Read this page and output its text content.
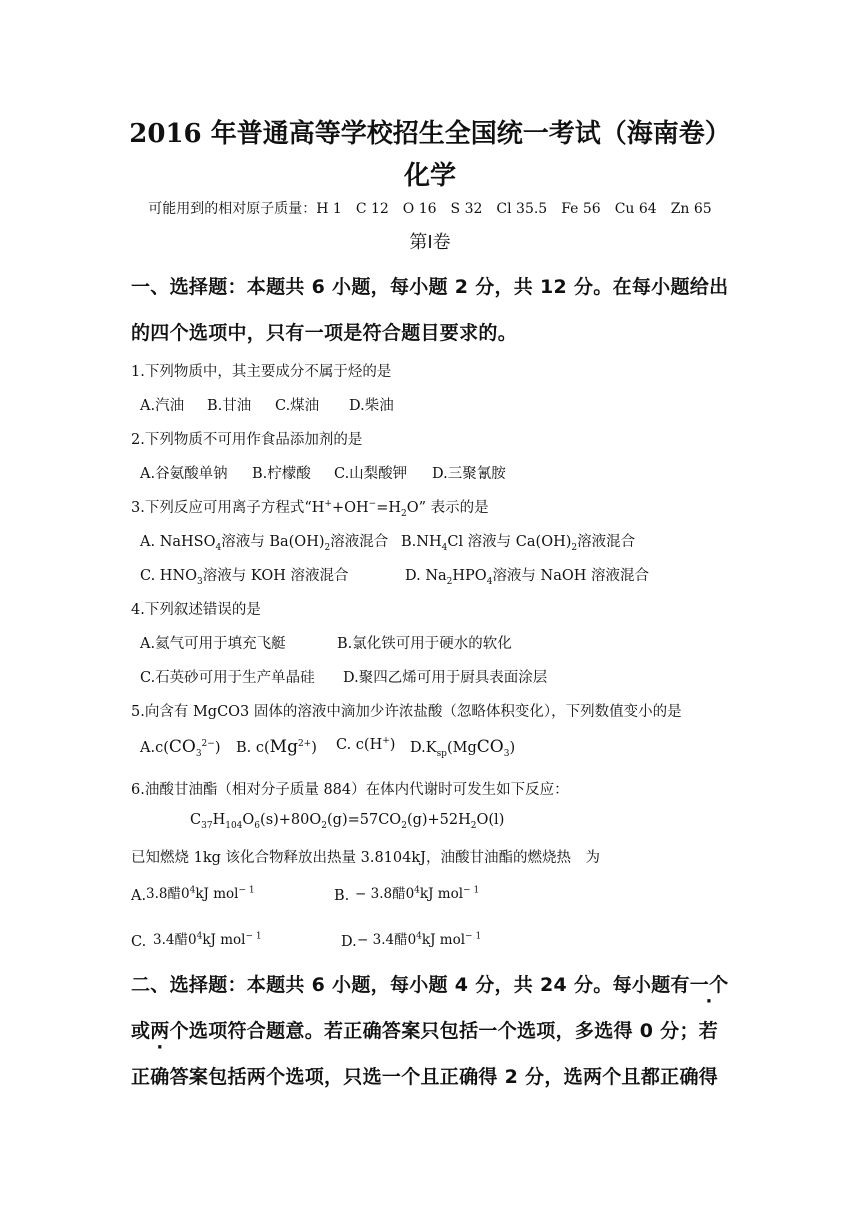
2016 年普通高等学校招生全国统一考试（海南卷）
化学
可能用到的相对原子质量：H 1　C 12　O 16　S 32　Cl 35.5　Fe 56　Cu 64　Zn 65
第Ⅰ卷
一、选择题：本题共 6 小题，每小题 2 分，共 12 分。在每小题给出
的四个选项中，只有一项是符合题目要求的。
1.下列物质中，其主要成分不属于烃的是
A.汽油 B.甘油 C.煤油 D.柴油
2.下列物质不可用作食品添加剂的是
A.谷氨酸单钠 B.柠檬酸 C.山梨酸钾 D.三聚氰胺
3.下列反应可用离子方程式“$H^++OH^-=H_2O$” 表示的是
A. NaHSO$_4$溶液与 $Ba(OH)_2$溶液混合 $B.NH_4Cl$ 溶液与 $Ca(OH)_2$溶液混合
C. $HNO_3$溶液与 KOH 溶液混合	D. $Na_2HPO_4$溶液与 NaOH 溶液混合
4.下列叙述错误的是
A.氦气可用于填充飞艇	B.氯化铁可用于硬水的软化
C.石英砂可用于生产单晶硅 D.聚四乙烯可用于厨具表面涂层
5.向含有 MgCO3 固体的溶液中滴加少许浓盐酸（忽略体积变化），下列数值变小的是
$A.c(CO_3^{2-})$ B. $c(Mg^{2+})$ C. c(H+) $D.K_{sp}(MgCO_3)$
6.油酸甘油酯（相对分子质量 884）在体内代谢时可发生如下反应：
$C_{37}H_{104}O_6(s)+80O_2(g)=57CO_2(g)+52H_2O(l)$
已知燃烧 1kg 该化合物释放出热量 3.8104kJ，油酸甘油酯的燃烧热　为
A. 3.8醋$0^4kJ$ mol$^{- 1}$	B. − 3.8醋$0^4kJ$ mol$^{- 1}$
C. 3.4醋$0^4kJ$ mol$^{- 1}$	D. − 3.4醋$0^4kJ$ mol$^{- 1}$
二、选择题：本题共 6 小题，每小题 4 分，共 24 分。每小题有一个
或两个选项符合题意。若正确答案只包括一个选项，多选得 0 分；若
正确答案包括两个选项，只选一个且正确得 2 分，选两个且都正确得
